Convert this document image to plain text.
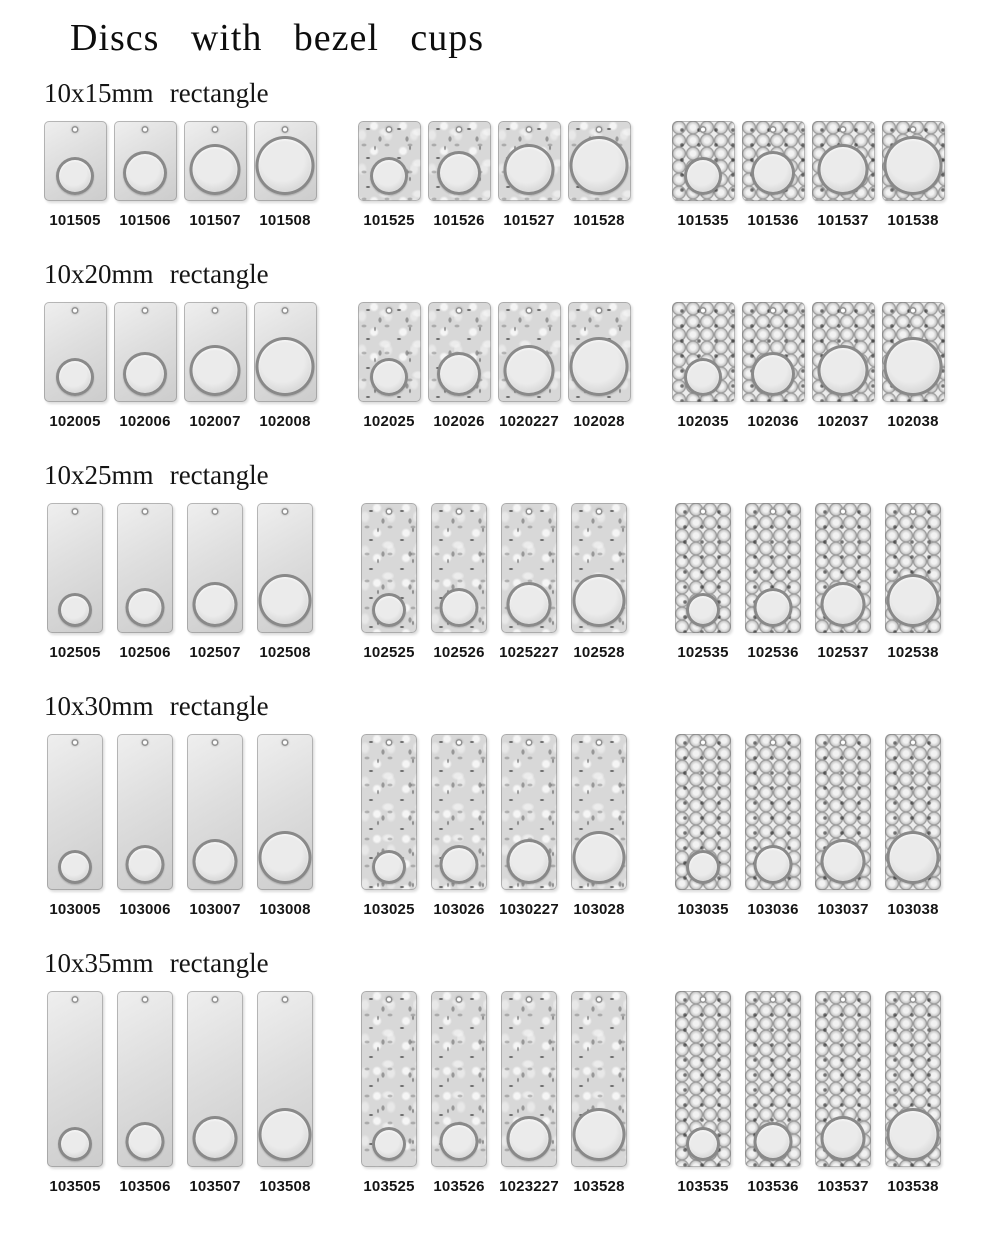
Discs with bezel cups
10x15mm rectangle
101505 101506 101507 101508	101525 101526 101527 101528	101535 101536 101537 101538
10x20mm rectangle
102005 102006 102007 102008	102025 102026 1020227 102028	102035 102036 102037 102038
10x25mm rectangle
102505 102506 102507 102508	102525 102526 1025227 102528	102535 102536 102537 102538
10x30mm rectangle
103005 103006 103007 103008	103025 103026 1030227 103028	103035 103036 103037 103038
10x35mm rectangle
103505 103506 103507 103508	103525 103526 1023227 103528	103535 103536 103537 103538
